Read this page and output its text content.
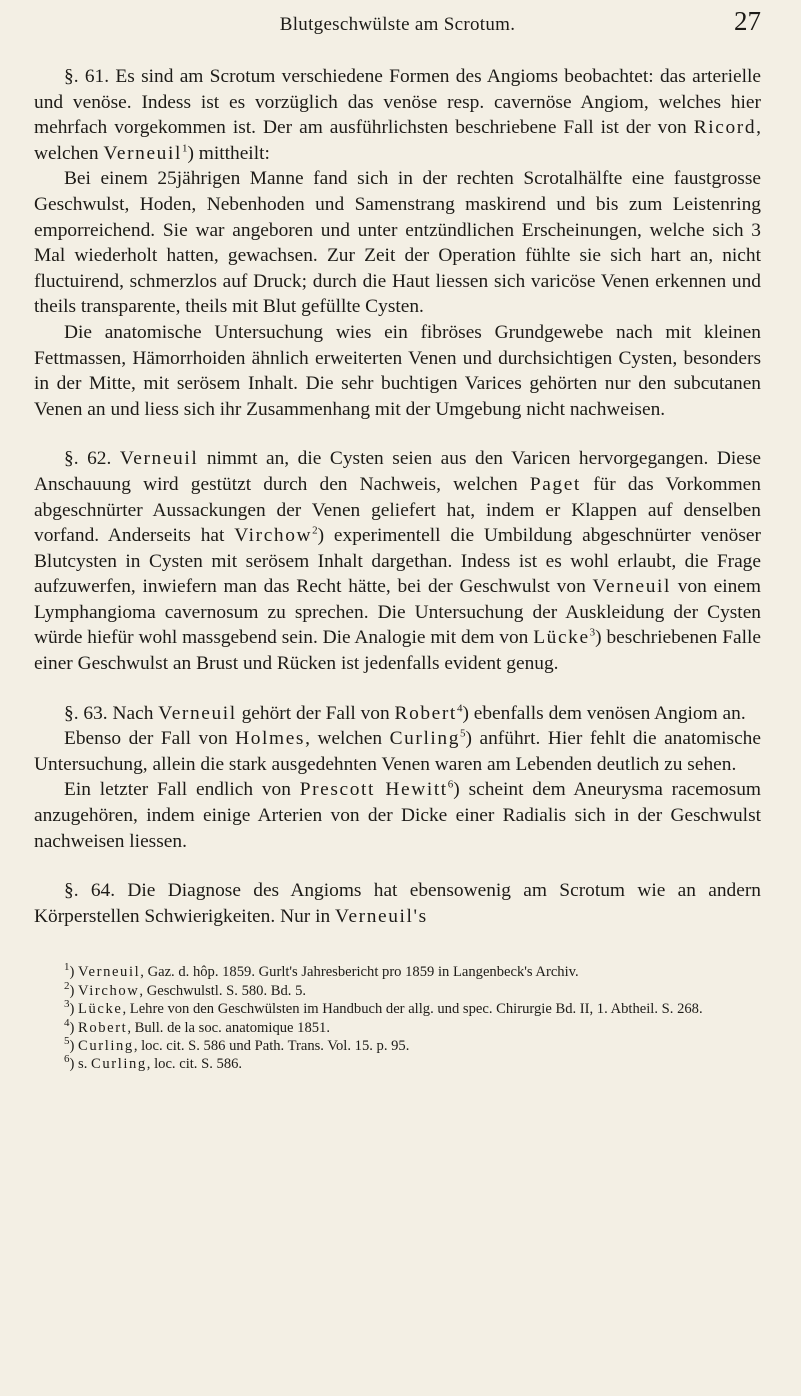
Blutgeschwülste am Scrotum.	27

§. 61. Es sind am Scrotum verschiedene Formen des Angioms beobachtet: das arterielle und venöse. Indess ist es vorzüglich das venöse resp. cavernöse Angiom, welches hier mehrfach vorgekommen ist. Der am ausführlichsten beschriebene Fall ist der von Ricord, welchen Verneuil$^1$) mittheilt:

Bei einem 25jährigen Manne fand sich in der rechten Scrotalhälfte eine faustgrosse Geschwulst, Hoden, Nebenhoden und Samenstrang maskirend und bis zum Leistenring emporreichend. Sie war angeboren und unter entzündlichen Erscheinungen, welche sich 3 Mal wiederholt hatten, gewachsen. Zur Zeit der Operation fühlte sie sich hart an, nicht fluctuirend, schmerzlos auf Druck; durch die Haut liessen sich varicöse Venen erkennen und theils transparente, theils mit Blut gefüllte Cysten.

Die anatomische Untersuchung wies ein fibröses Grundgewebe nach mit kleinen Fettmassen, Hämorrhoiden ähnlich erweiterten Venen und durchsichtigen Cysten, besonders in der Mitte, mit serösem Inhalt. Die sehr buchtigen Varices gehörten nur den subcutanen Venen an und liess sich ihr Zusammenhang mit der Umgebung nicht nachweisen.

§. 62. Verneuil nimmt an, die Cysten seien aus den Varicen hervorgegangen. Diese Anschauung wird gestützt durch den Nachweis, welchen Paget für das Vorkommen abgeschnürter Aussackungen der Venen geliefert hat, indem er Klappen auf denselben vorfand. Anderseits hat Virchow$^2$) experimentell die Umbildung abgeschnürter venöser Blutcysten in Cysten mit serösem Inhalt dargethan. Indess ist es wohl erlaubt, die Frage aufzuwerfen, inwiefern man das Recht hätte, bei der Geschwulst von Verneuil von einem Lymphangioma cavernosum zu sprechen. Die Untersuchung der Auskleidung der Cysten würde hiefür wohl massgebend sein. Die Analogie mit dem von Lücke$^3$) beschriebenen Falle einer Geschwulst an Brust und Rücken ist jedenfalls evident genug.

§. 63. Nach Verneuil gehört der Fall von Robert$^4$) ebenfalls dem venösen Angiom an.

Ebenso der Fall von Holmes, welchen Curling$^5$) anführt. Hier fehlt die anatomische Untersuchung, allein die stark ausgedehnten Venen waren am Lebenden deutlich zu sehen.

Ein letzter Fall endlich von Prescott Hewitt$^6$) scheint dem Aneurysma racemosum anzugehören, indem einige Arterien von der Dicke einer Radialis sich in der Geschwulst nachweisen liessen.

§. 64. Die Diagnose des Angioms hat ebensowenig am Scrotum wie an andern Körperstellen Schwierigkeiten. Nur in Verneuil's

$^1$) Verneuil, Gaz. d. hôp. 1859. Gurlt's Jahresbericht pro 1859 in Langenbeck's Archiv.

$^2$) Virchow, Geschwulstl. S. 580. Bd. 5.

$^3$) Lücke, Lehre von den Geschwülsten im Handbuch der allg. und spec. Chirurgie Bd. II, 1. Abtheil. S. 268.

$^4$) Robert, Bull. de la soc. anatomique 1851.

$^5$) Curling, loc. cit. S. 586 und Path. Trans. Vol. 15. p. 95.

$^6$) s. Curling, loc. cit. S. 586.
